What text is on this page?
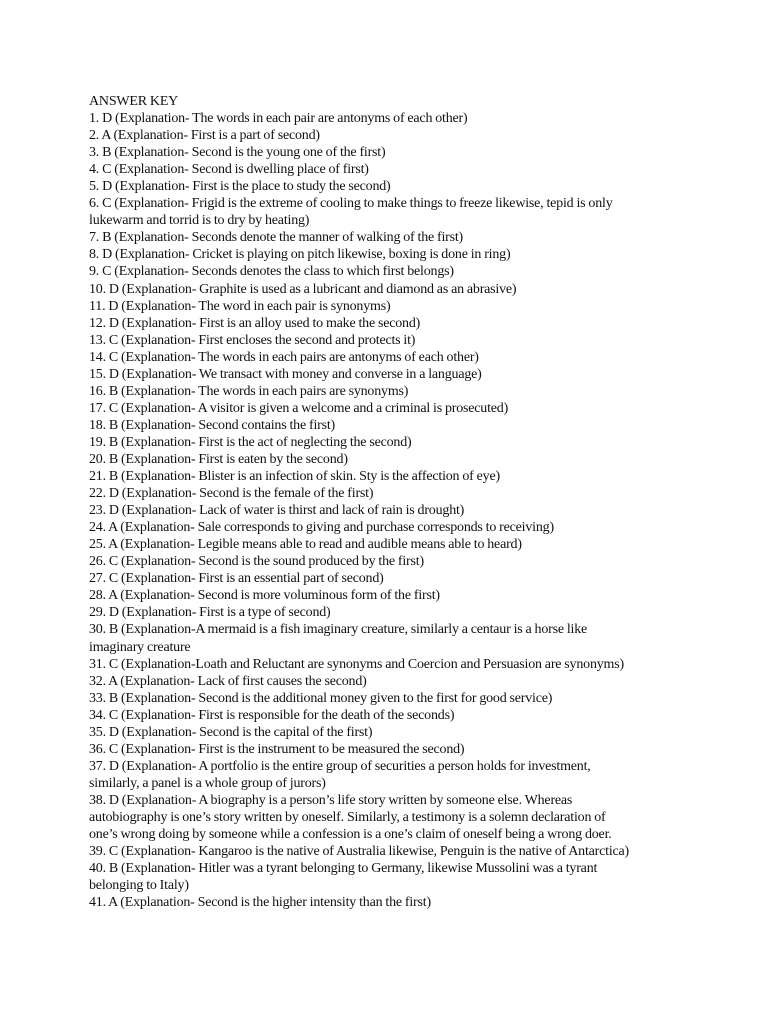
ANSWER KEY
1. D (Explanation- The words in each pair are antonyms of each other)
2. A (Explanation- First is a part of second)
3. B (Explanation- Second is the young one of the first)
4. C (Explanation- Second is dwelling place of first)
5. D (Explanation- First is the place to study the second)
6. C (Explanation- Frigid is the extreme of cooling to make things to freeze likewise, tepid is only
lukewarm and torrid is to dry by heating)
7. B (Explanation- Seconds denote the manner of walking of the first)
8. D (Explanation- Cricket is playing on pitch likewise, boxing is done in ring)
9. C (Explanation- Seconds denotes the class to which first belongs)
10. D (Explanation- Graphite is used as a lubricant and diamond as an abrasive)
11. D (Explanation- The word in each pair is synonyms)
12. D (Explanation- First is an alloy used to make the second)
13. C (Explanation- First encloses the second and protects it)
14. C (Explanation- The words in each pairs are antonyms of each other)
15. D (Explanation- We transact with money and converse in a language)
16. B (Explanation- The words in each pairs are synonyms)
17. C (Explanation- A visitor is given a welcome and a criminal is prosecuted)
18. B (Explanation- Second contains the first)
19. B (Explanation- First is the act of neglecting the second)
20. B (Explanation- First is eaten by the second)
21. B (Explanation- Blister is an infection of skin. Sty is the affection of eye)
22. D (Explanation- Second is the female of the first)
23. D (Explanation- Lack of water is thirst and lack of rain is drought)
24. A (Explanation- Sale corresponds to giving and purchase corresponds to receiving)
25. A (Explanation- Legible means able to read and audible means able to heard)
26. C (Explanation- Second is the sound produced by the first)
27. C (Explanation- First is an essential part of second)
28. A (Explanation- Second is more voluminous form of the first)
29. D (Explanation- First is a type of second)
30. B (Explanation-A mermaid is a fish imaginary creature, similarly a centaur is a horse like
imaginary creature
31. C (Explanation-Loath and Reluctant are synonyms and Coercion and Persuasion are synonyms)
32. A (Explanation- Lack of first causes the second)
33. B (Explanation- Second is the additional money given to the first for good service)
34. C (Explanation- First is responsible for the death of the seconds)
35. D (Explanation- Second is the capital of the first)
36. C (Explanation- First is the instrument to be measured the second)
37. D (Explanation- A portfolio is the entire group of securities a person holds for investment,
similarly, a panel is a whole group of jurors)
38. D (Explanation- A biography is a person’s life story written by someone else. Whereas
autobiography is one’s story written by oneself. Similarly, a testimony is a solemn declaration of
one’s wrong doing by someone while a confession is a one’s claim of oneself being a wrong doer.
39. C (Explanation- Kangaroo is the native of Australia likewise, Penguin is the native of Antarctica)
40. B (Explanation- Hitler was a tyrant belonging to Germany, likewise Mussolini was a tyrant
belonging to Italy)
41. A (Explanation- Second is the higher intensity than the first)
